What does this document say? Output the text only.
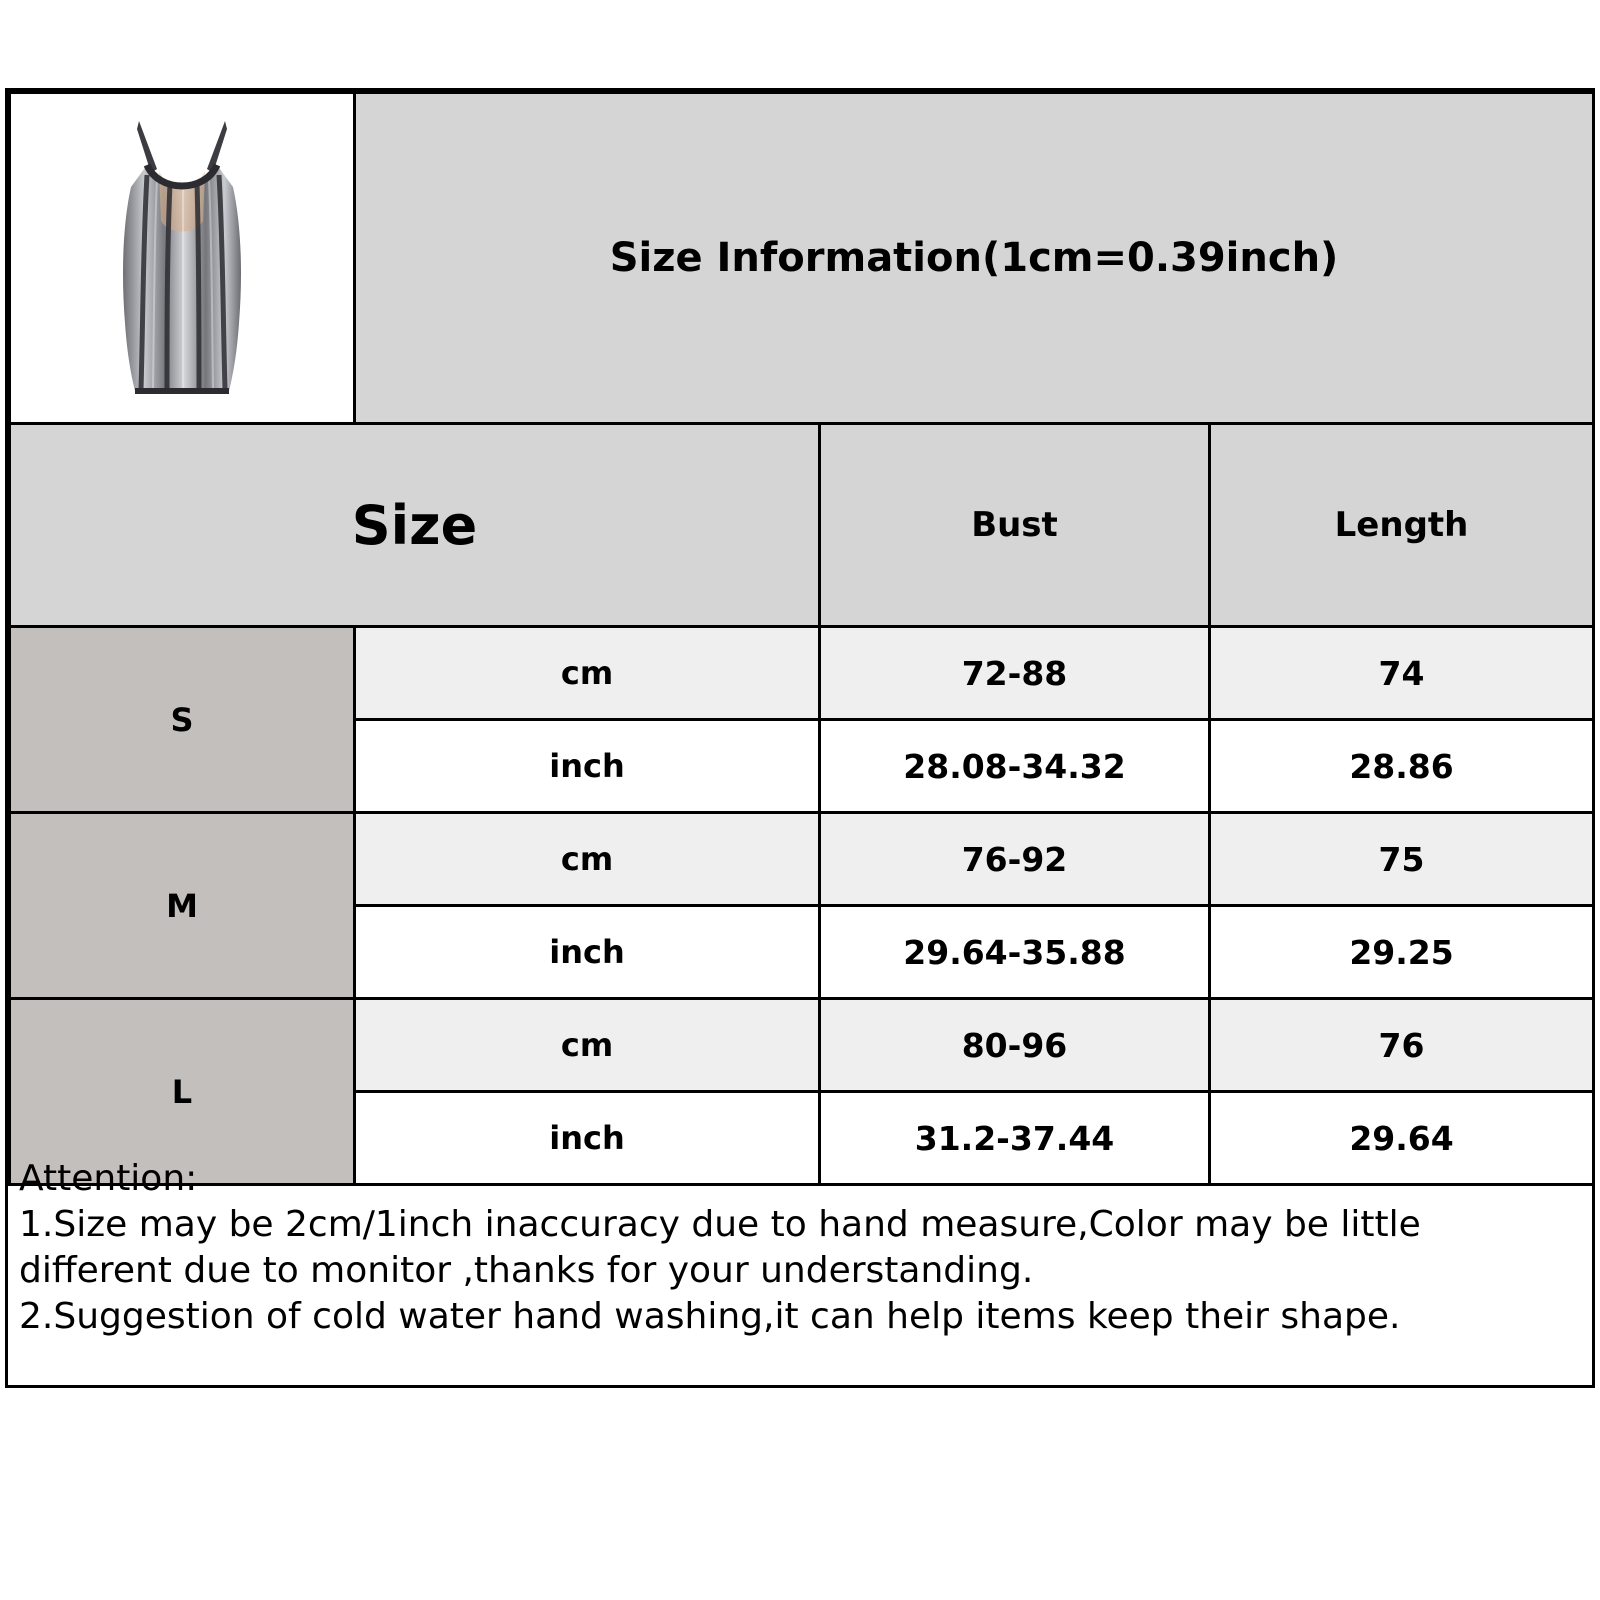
	Size Information(1cm=0.39inch)		
Size		Bust	Length
S	cm	72-88	74
	inch	28.08-34.32	28.86
M	cm	76-92	75
	inch	29.64-35.88	29.25
L	cm	80-96	76
	inch	31.2-37.44	29.64
Attention:
1.Size may be 2cm/1inch inaccuracy due to hand measure,Color may be little
different due to monitor ,thanks for your understanding.
2.Suggestion of cold water hand washing,it can help items keep their shape.
